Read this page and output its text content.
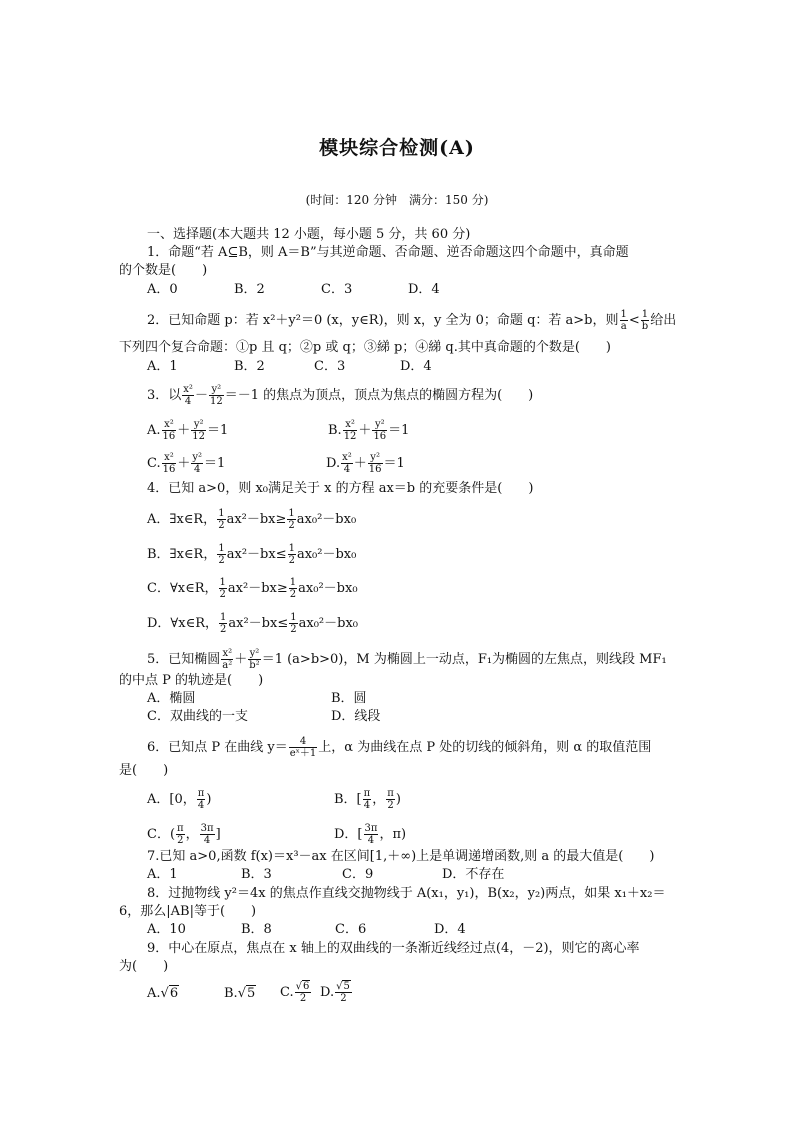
模块综合检测(A)
(时间：120 分钟　满分：150 分)
一、选择题(本大题共 12 小题，每小题 5 分，共 60 分)
1．命题“若 A⊆B，则 A＝B”与其逆命题、否命题、逆否命题这四个命题中，真命题
的个数是(　　)
A．0	B．2	C．3	D．4
2．已知命题 p：若 x²＋y²＝0 (x，y∈R)，则 x，y 全为 0；命题 q：若 a>b，则 $\frac{1}{a} < \frac{1}{b}$ 给出
下列四个复合命题：①p 且 q；②p 或 q；③綈 p；④綈 q.其中真命题的个数是(　　)
A．1	B．2	C．3	D．4
3．以 $\frac{\text{x²}}{4} - \frac{\text{y²}}{12} =-1$ 的焦点为顶点，顶点为焦点的椭圆方程为(　　)
A. $\frac{\text{x²}}{16} + \frac{\text{y²}}{12} =1$	B. $\frac{\text{x²}}{12} + \frac{\text{y²}}{16} =1$
C. $\frac{\text{x²}}{16} + \frac{\text{y²}}{4} =1$	D. $\frac{\text{x²}}{4} + \frac{\text{y²}}{16} =1$
4．已知 a>0，则 x₀满足关于 x 的方程 ax＝b 的充要条件是(　　)
A．∃x∈R， $\frac{1}{2} ax^2-bx\ge \frac{1}{2} ax_0^2-bx_0$
B．∃x∈R， $\frac{1}{2} ax^2-bx\le \frac{1}{2} ax_0^2-bx_0$
C．∀x∈R， $\frac{1}{2} ax^2-bx\ge \frac{1}{2} ax_0^2-bx_0$
D．∀x∈R， $\frac{1}{2} ax^2-bx\le \frac{1}{2} ax_0^2-bx_0$
5．已知椭圆 $\frac{\text{x²}}{\text{a²}} + \frac{\text{y²}}{\text{b²}} =1$ (a>b>0)，M 为椭圆上一动点，F₁为椭圆的左焦点，则线段 MF₁
的中点 P 的轨迹是(　　)
A．椭圆	B．圆
C．双曲线的一支	D．线段
6．已知点 P 在曲线 $y= \frac{4}{\text{eˣ＋1}}$ 上，α 为曲线在点 P 处的切线的倾斜角，则 α 的取值范围
是(　　)
A．[0， $\frac{\pi}{4}$ )	B．[ $\frac{\pi}{4}$ ， $\frac{\pi}{2}$ )
C．( $\frac{\pi}{2}$ ， $\frac{3\pi}{4}$ ]	D．[ $\frac{3\pi}{4}$ ，π)
7.已知 a>0,函数 f(x)＝x³－ax 在区间[1,＋∞)上是单调递增函数,则 a 的最大值是(　　)
A．1	B．3	C．9	D．不存在
8．过抛物线 y²＝4x 的焦点作直线交抛物线于 A(x₁，y₁)，B(x₂，y₂)两点，如果 x₁＋x₂＝
6，那么|AB|等于(　　)
A．10	B．8	C．6	D．4
9．中心在原点，焦点在 x 轴上的双曲线的一条渐近线经过点(4，－2)，则它的离心率
为(　　)
A.√6	B.√5 C. $\frac{√6}{2} D$. $\frac{√5}{2}$
